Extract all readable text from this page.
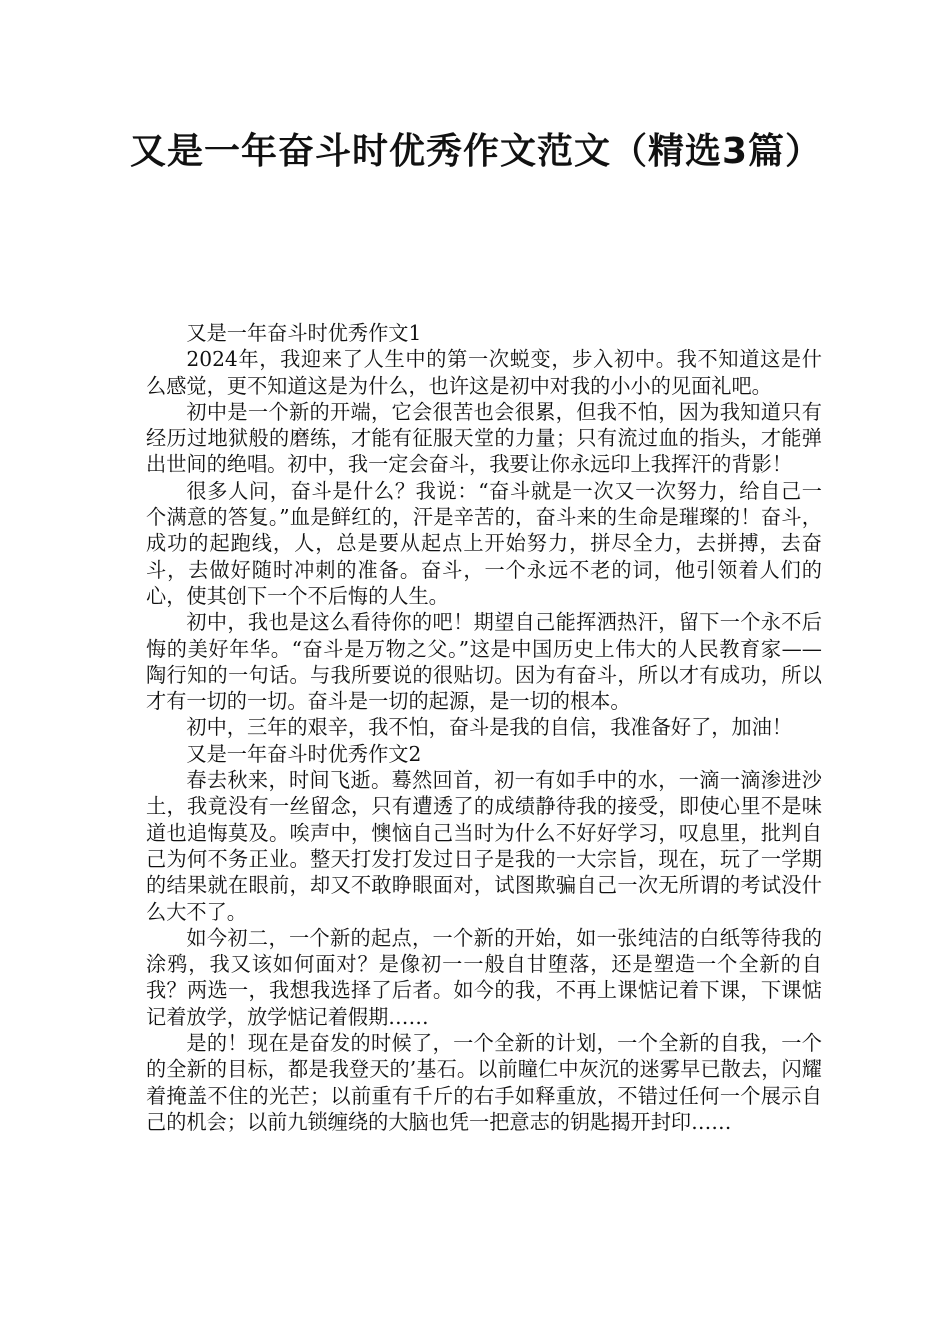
又是一年奋斗时优秀作文范文（精选3篇）

又是一年奋斗时优秀作文1

2024年，我迎来了人生中的第一次蜕变，步入初中。我不知道这是什么感觉，更不知道这是为什么，也许这是初中对我的小小的见面礼吧。

初中是一个新的开端，它会很苦也会很累，但我不怕，因为我知道只有经历过地狱般的磨练，才能有征服天堂的力量；只有流过血的指头，才能弹出世间的绝唱。初中，我一定会奋斗，我要让你永远印上我挥汗的背影！

很多人问，奋斗是什么？我说：“奋斗就是一次又一次努力，给自己一个满意的答复。”血是鲜红的，汗是辛苦的，奋斗来的生命是璀璨的！奋斗，成功的起跑线，人，总是要从起点上开始努力，拼尽全力，去拼搏，去奋斗，去做好随时冲刺的准备。奋斗，一个永远不老的词，他引领着人们的心，使其创下一个不后悔的人生。

初中，我也是这么看待你的吧！期望自己能挥洒热汗，留下一个永不后悔的美好年华。“奋斗是万物之父。”这是中国历史上伟大的人民教育家——陶行知的一句话。与我所要说的很贴切。因为有奋斗，所以才有成功，所以才有一切的一切。奋斗是一切的起源，是一切的根本。

初中，三年的艰辛，我不怕，奋斗是我的自信，我准备好了，加油！

又是一年奋斗时优秀作文2

春去秋来，时间飞逝。蓦然回首，初一有如手中的水，一滴一滴渗进沙土，我竟没有一丝留念，只有遭透了的成绩静待我的接受，即使心里不是味道也追悔莫及。唉声中，懊恼自己当时为什么不好好学习，叹息里，批判自己为何不务正业。整天打发打发过日子是我的一大宗旨，现在，玩了一学期的结果就在眼前，却又不敢睁眼面对，试图欺骗自己一次无所谓的考试没什么大不了。

如今初二，一个新的起点，一个新的开始，如一张纯洁的白纸等待我的涂鸦，我又该如何面对？是像初一一般自甘堕落，还是塑造一个全新的自我？两选一，我想我选择了后者。如今的我，不再上课惦记着下课，下课惦记着放学，放学惦记着假期……

是的！现在是奋发的时候了，一个全新的计划，一个全新的自我，一个的全新的目标，都是我登天的’基石。以前瞳仁中灰沉的迷雾早已散去，闪耀着掩盖不住的光芒；以前重有千斤的右手如释重放，不错过任何一个展示自己的机会；以前九锁缠绕的大脑也凭一把意志的钥匙揭开封印……
